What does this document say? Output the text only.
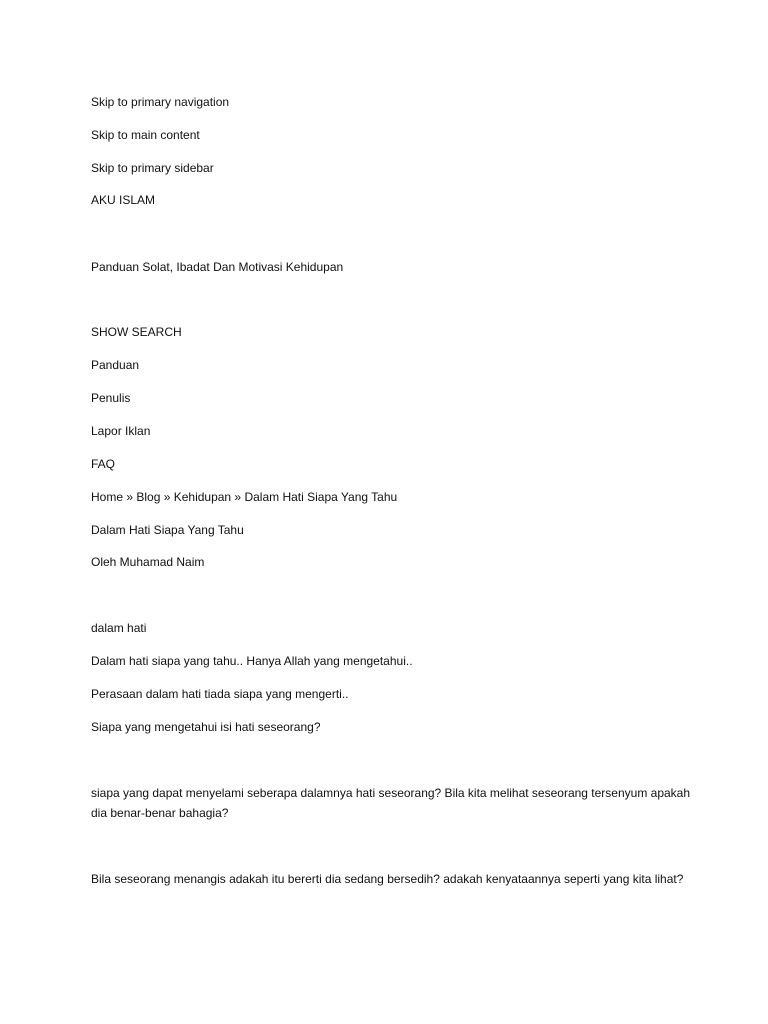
Skip to primary navigation
Skip to main content
Skip to primary sidebar
AKU ISLAM
Panduan Solat, Ibadat Dan Motivasi Kehidupan
SHOW SEARCH
Panduan
Penulis
Lapor Iklan
FAQ
Home » Blog » Kehidupan » Dalam Hati Siapa Yang Tahu
Dalam Hati Siapa Yang Tahu
Oleh Muhamad Naim
dalam hati
Dalam hati siapa yang tahu.. Hanya Allah yang mengetahui..
Perasaan dalam hati tiada siapa yang mengerti..
Siapa yang mengetahui isi hati seseorang?
siapa yang dapat menyelami seberapa dalamnya hati seseorang? Bila kita melihat seseorang tersenyum apakah dia benar-benar bahagia?
Bila seseorang menangis adakah itu bererti dia sedang bersedih? adakah kenyataannya seperti yang kita lihat?
